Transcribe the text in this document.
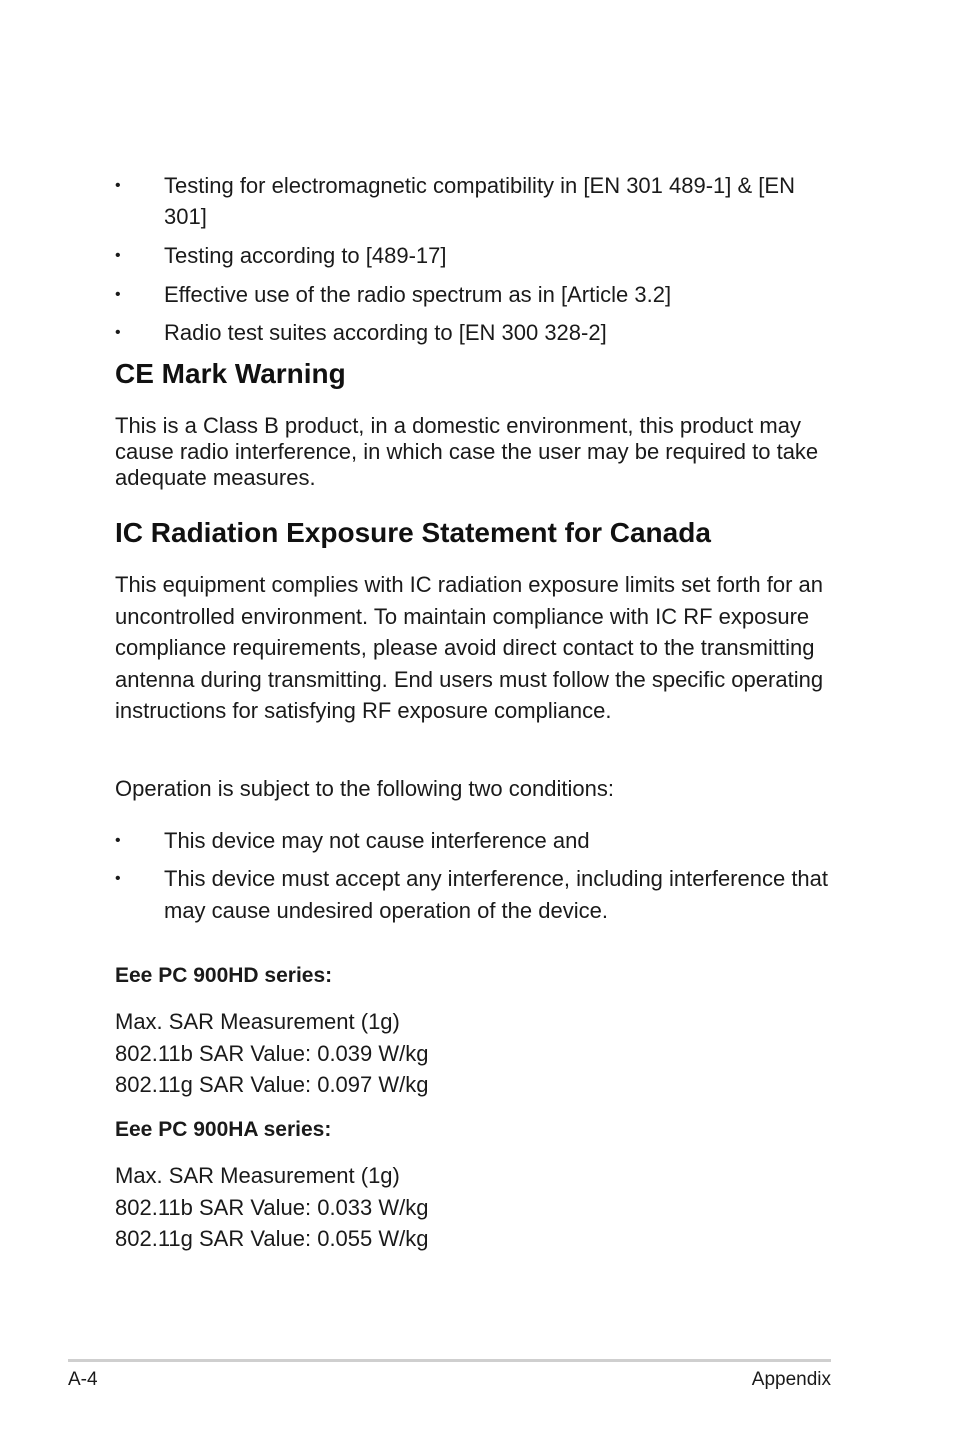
• Testing for electromagnetic compatibility in [EN 301 489-1] & [EN 301]
• Testing according to [489-17]
• Effective use of the radio spectrum as in [Article 3.2]
• Radio test suites according to [EN 300 328-2]
CE Mark Warning
This is a Class B product, in a domestic environment, this product may cause radio interference, in which case the user may be required to take adequate measures.
IC Radiation Exposure Statement for Canada
This equipment complies with IC radiation exposure limits set forth for an uncontrolled environment. To maintain compliance with IC RF exposure compliance requirements, please avoid direct contact to the transmitting antenna during transmitting. End users must follow the specific operating instructions for satisfying RF exposure compliance.
Operation is subject to the following two conditions:
• This device may not cause interference and
• This device must accept any interference, including interference that  may cause undesired operation of the device.
Eee PC 900HD series:
Max. SAR Measurement (1g)
802.11b SAR Value: 0.039 W/kg
802.11g SAR Value: 0.097 W/kg
Eee PC 900HA series:
Max. SAR Measurement (1g)
802.11b SAR Value: 0.033 W/kg
802.11g SAR Value: 0.055 W/kg
A-4	Appendix
